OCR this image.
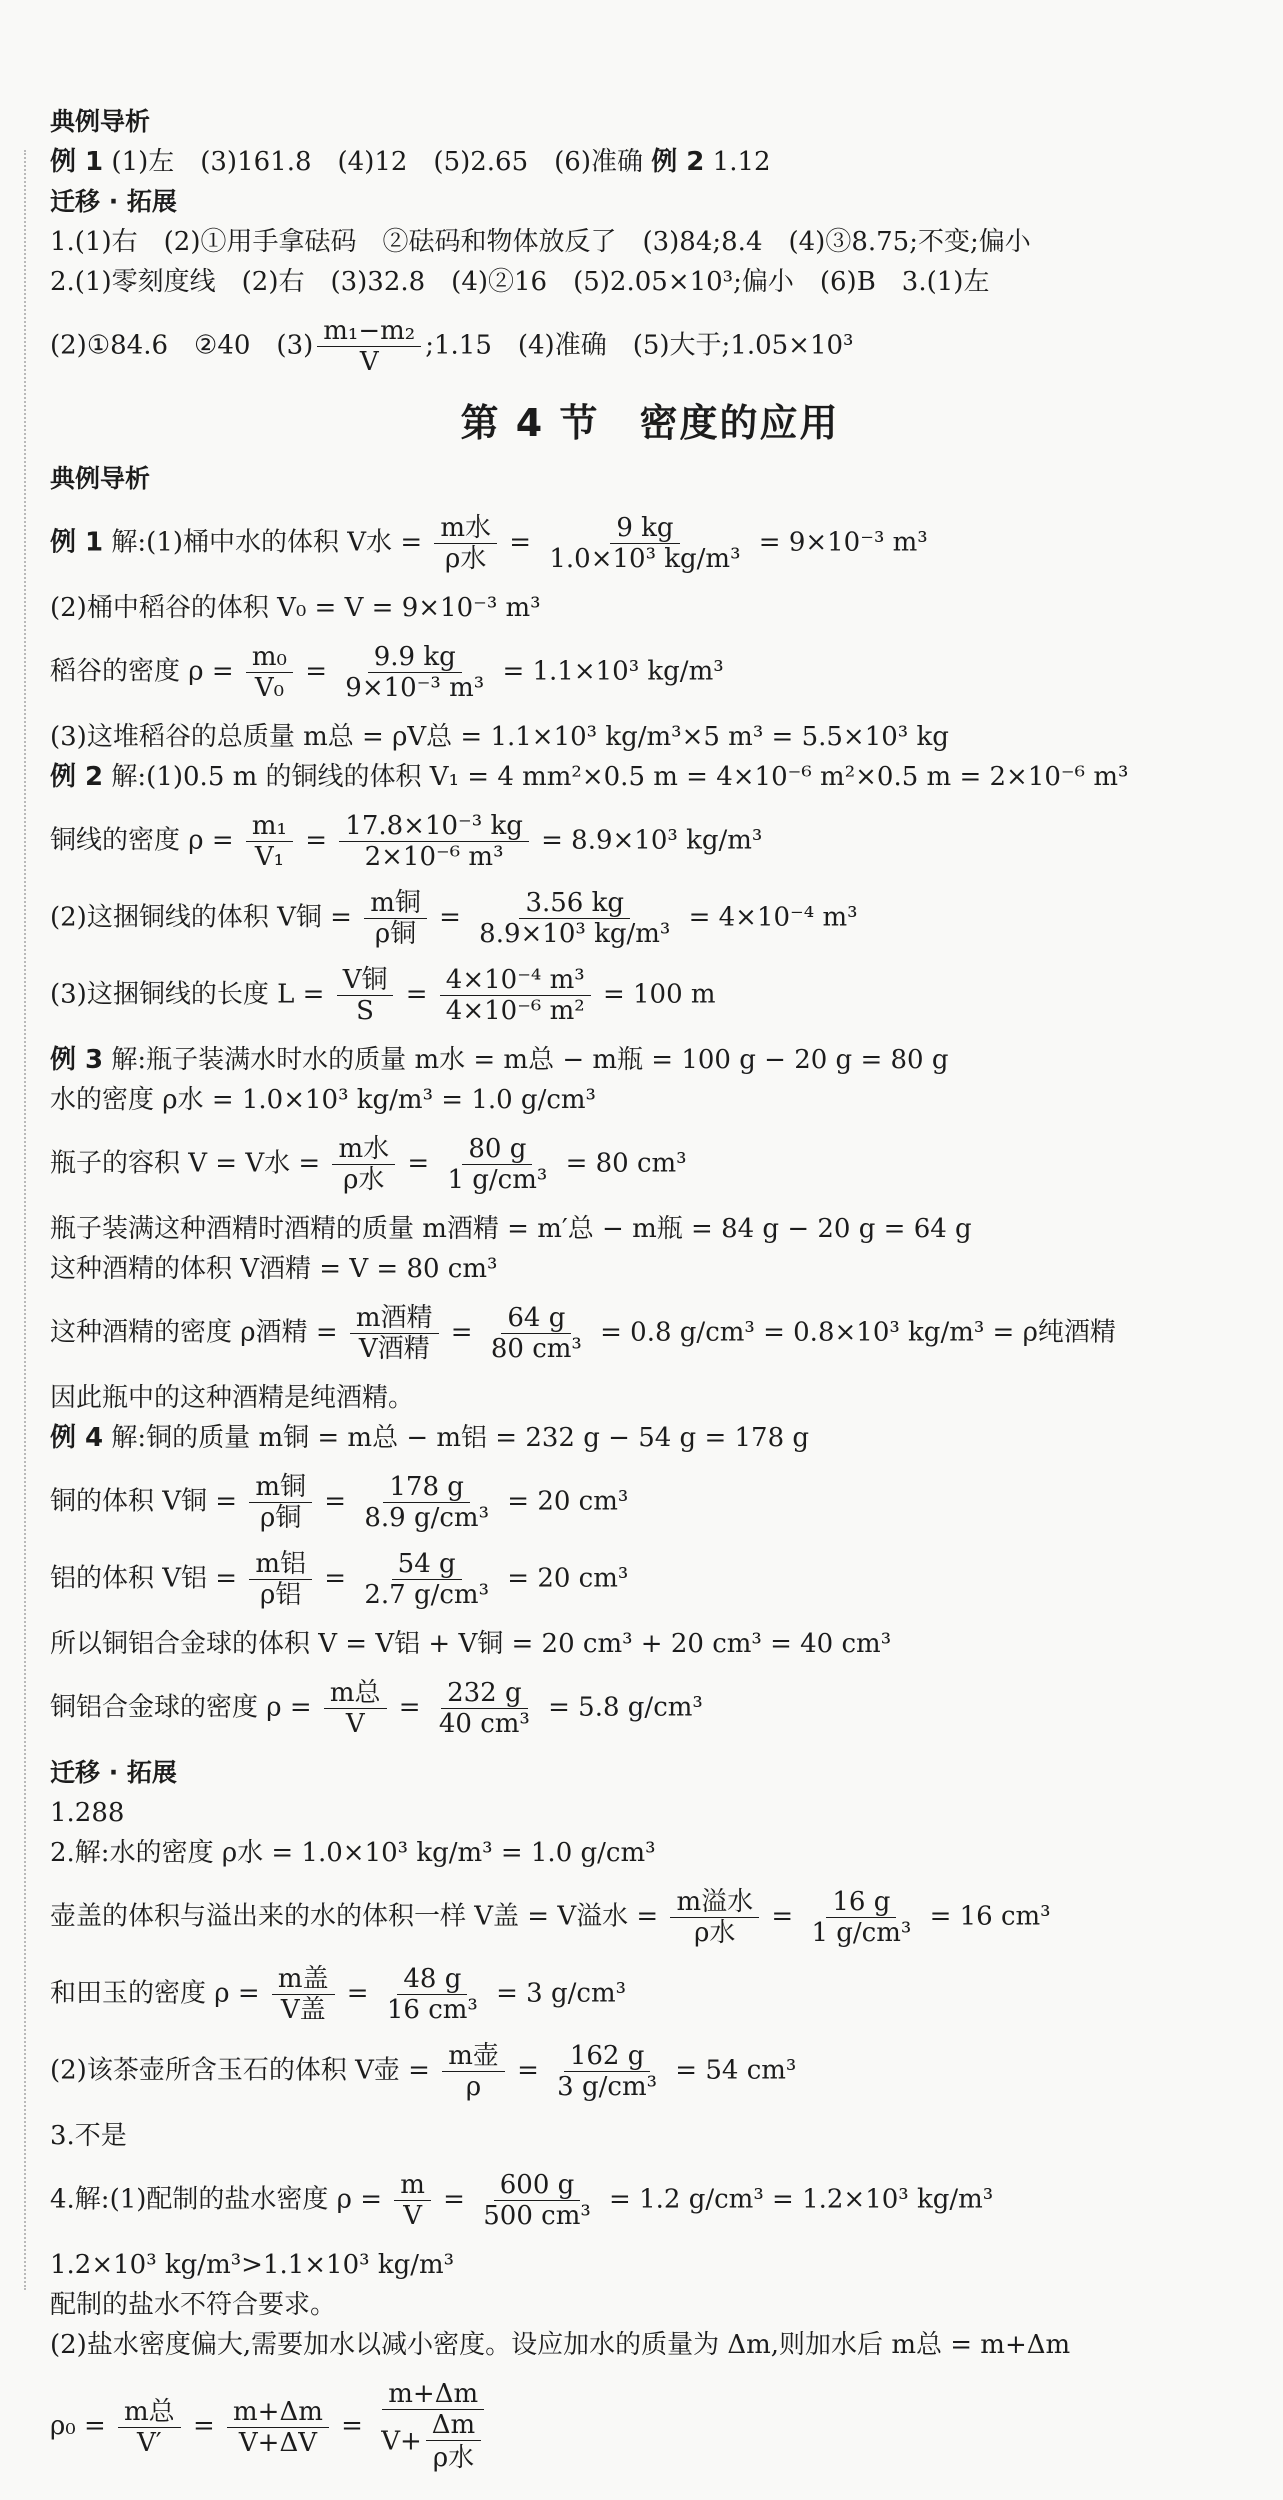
典例导析
例 1 (1)左　(3)161.8　(4)12　(5)2.65　(6)准确 例 2 1.12
迁移 · 拓展
1.(1)右　(2)①用手拿砝码　②砝码和物体放反了　(3)84;8.4　(4)③8.75;不变;偏小
2.(1)零刻度线　(2)右　(3)32.8　(4)②16　(5)2.05×10³;偏小　(6)B　3.(1)左
(2)①84.6　②40　$(3) \frac{\text{m₁−m₂}}{V}$ ;1.15　(4)准确　(5)大于;1.05×10³
第 4 节　密度的应用
典例导析
例 1 解:(1)桶中水的体积 V水 = $\frac{\text{m水}}{\text{ρ水}} = \frac{9 kg}{\text{1.0×10³ kg/m³}} = 9\times 10^{-3}$ m³
(2)桶中稻谷的体积 V₀ = V = 9×10⁻³ m³
稻谷的密度 $\rho = \frac{\text{m₀}}{\text{V₀}} = \frac{9.9 kg}{\text{9×10⁻³ m³}} = 1.1\times 10^3$ kg/m³
(3)这堆稻谷的总质量 m总 = ρV总 = 1.1×10³ kg/m³×5 m³ = 5.5×10³ kg
例 2 解:(1)0.5 m 的铜线的体积 V₁ = 4 mm²×0.5 m = 4×10⁻⁶ m²×0.5 m = 2×10⁻⁶ m³
铜线的密度 $\rho = \frac{\text{m₁}}{\text{V₁}} = \frac{\text{17.8×10⁻³ kg}}{\text{2×10⁻⁶ m³}} = 8.9\times 10^3$ kg/m³
(2)这捆铜线的体积 V铜 = $\frac{\text{m铜}}{\text{ρ铜}} = \frac{3.56 kg}{\text{8.9×10³ kg/m³}} = 4\times 10^{-4}$ m³
(3)这捆铜线的长度 $L = \frac{\text{V铜}}{S} = \frac{\text{4×10⁻⁴ m³}}{\text{4×10⁻⁶ m²}} = 100$ m
例 3 解:瓶子装满水时水的质量 m水 = m总 − m瓶 = 100 g − 20 g = 80 g
水的密度 ρ水 = 1.0×10³ kg/m³ = 1.0 g/cm³
瓶子的容积 V = V水 = $\frac{\text{m水}}{\text{ρ水}} = \frac{80 g}{\text{1 g/cm³}} = 80$ cm³
瓶子装满这种酒精时酒精的质量 m酒精 = m′总 − m瓶 = 84 g − 20 g = 64 g
这种酒精的体积 V酒精 = V = 80 cm³
这种酒精的密度 ρ酒精 = $\frac{\text{m酒精}}{\text{V酒精}} = \frac{64 g}{\text{80 cm³}} = 0.8$ g/cm³ = 0.8×10³ kg/m³ = ρ纯酒精
因此瓶中的这种酒精是纯酒精。
例 4 解:铜的质量 m铜 = m总 − m铝 = 232 g − 54 g = 178 g
铜的体积 V铜 = $\frac{\text{m铜}}{\text{ρ铜}} = \frac{178 g}{\text{8.9 g/cm³}} = 20$ cm³
铝的体积 V铝 = $\frac{\text{m铝}}{\text{ρ铝}} = \frac{54 g}{\text{2.7 g/cm³}} = 20$ cm³
所以铜铝合金球的体积 V = V铝 + V铜 = 20 cm³ + 20 cm³ = 40 cm³
铜铝合金球的密度 $\rho = \frac{\text{m总}}{V} = \frac{232 g}{\text{40 cm³}} = 5.8$ g/cm³
迁移 · 拓展
1.288
2.解:水的密度 ρ水 = 1.0×10³ kg/m³ = 1.0 g/cm³
壶盖的体积与溢出来的水的体积一样 V盖 = V溢水 = $\frac{\text{m溢水}}{\text{ρ水}} = \frac{16 g}{\text{1 g/cm³}} = 16$ cm³
和田玉的密度 $\rho = \frac{\text{m盖}}{\text{V盖}} = \frac{48 g}{\text{16 cm³}} = 3$ g/cm³
(2)该茶壶所含玉石的体积 V壶 = $\frac{\text{m壶}}{\rho} = \frac{162 g}{\text{3 g/cm³}} = 54$ cm³
3.不是
4.解:(1)配制的盐水密度 $\rho = \frac{m}{V} = \frac{600 g}{\text{500 cm³}} = 1.2$ g/cm³ = 1.2×10³ kg/m³
1.2×10³ kg/m³>1.1×10³ kg/m³
配制的盐水不符合要求。
(2)盐水密度偏大,需要加水以减小密度。设应加水的质量为 Δm,则加水后 m总 = m+Δm
$\rho_0 = \frac{\text{m总}}{V'} = \frac{m+\Delta m}{V+\Delta V} = \frac{m+\Delta m}{V+ \frac{\Delta m}{\text{ρ水}}}$
